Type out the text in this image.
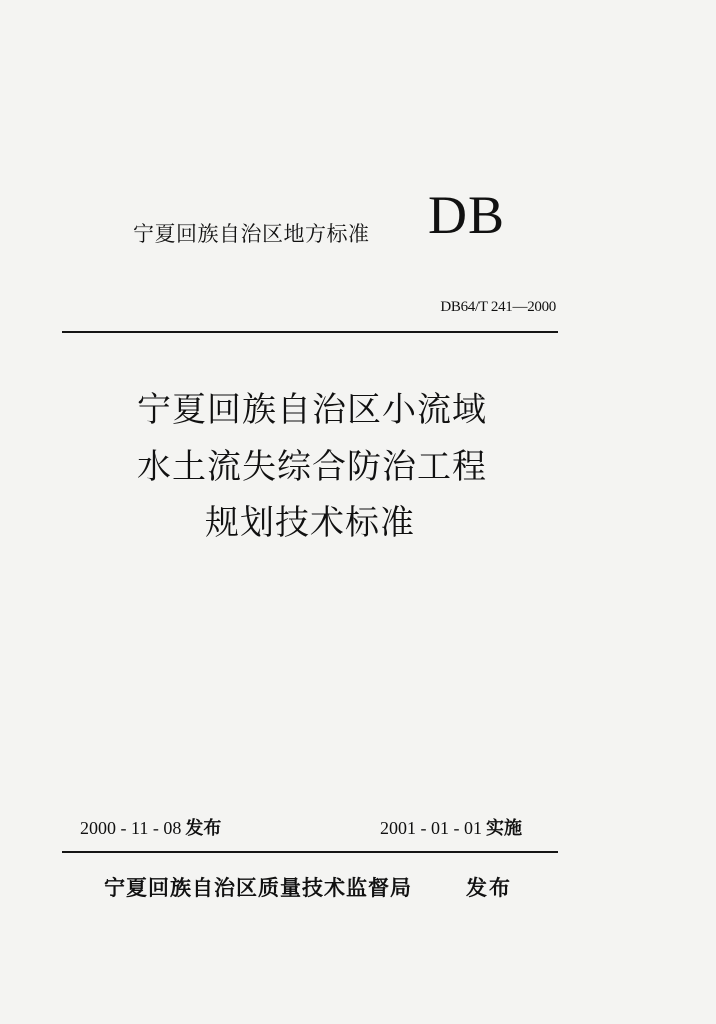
宁夏回族自治区地方标准 DB
DB64/T 241—2000
宁夏回族自治区小流域
水土流失综合防治工程
规划技术标准
2000 - 11 - 08 发布	2001 - 01 - 01 实施
宁夏回族自治区质量技术监督局	发布
